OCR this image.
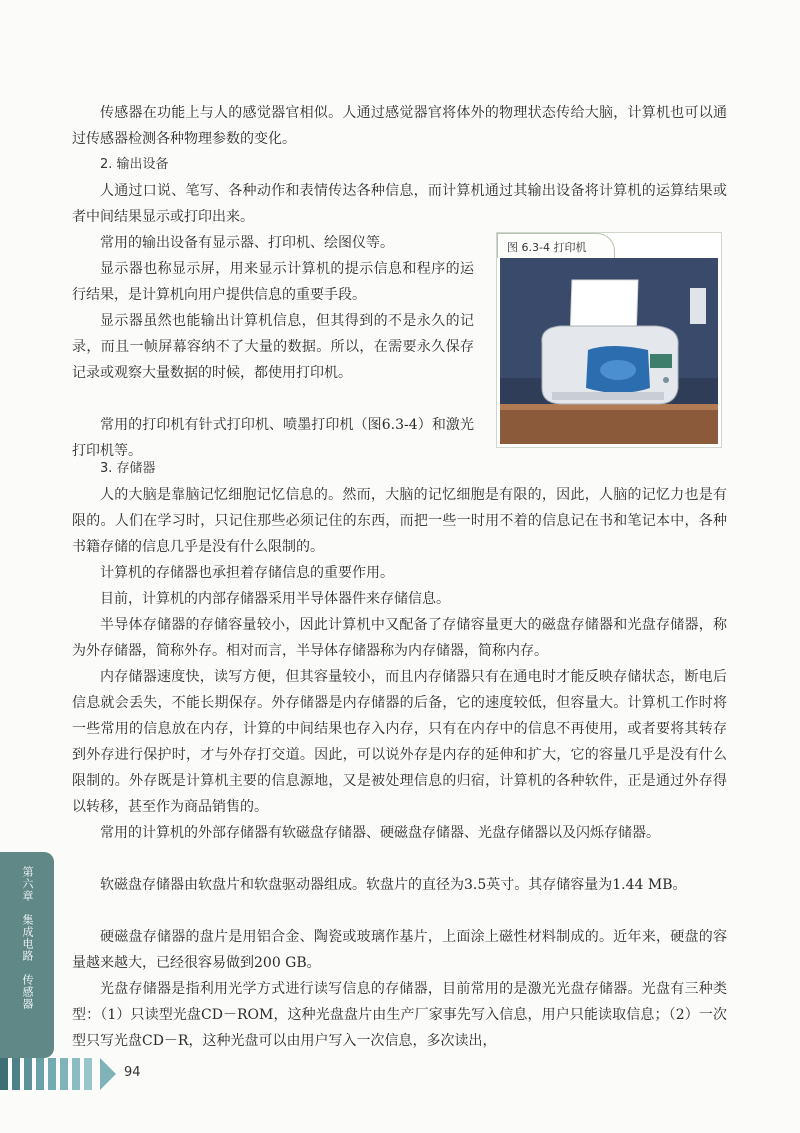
传感器在功能上与人的感觉器官相似。人通过感觉器官将体外的物理状态传给大脑，计算机也可以通过传感器检测各种物理参数的变化。

2. 输出设备

人通过口说、笔写、各种动作和表情传达各种信息，而计算机通过其输出设备将计算机的运算结果或者中间结果显示或打印出来。

常用的输出设备有显示器、打印机、绘图仪等。

显示器也称显示屏，用来显示计算机的提示信息和程序的运行结果，是计算机向用户提供信息的重要手段。

显示器虽然也能输出计算机信息，但其得到的不是永久的记录，而且一帧屏幕容纳不了大量的数据。所以，在需要永久保存记录或观察大量数据的时候，都使用打印机。

常用的打印机有针式打印机、喷墨打印机（图6.3-4）和激光打印机等。

图 6.3-4 打印机

3. 存储器

人的大脑是靠脑记忆细胞记忆信息的。然而，大脑的记忆细胞是有限的，因此，人脑的记忆力也是有限的。人们在学习时，只记住那些必须记住的东西，而把一些一时用不着的信息记在书和笔记本中，各种书籍存储的信息几乎是没有什么限制的。

计算机的存储器也承担着存储信息的重要作用。

目前，计算机的内部存储器采用半导体器件来存储信息。

半导体存储器的存储容量较小，因此计算机中又配备了存储容量更大的磁盘存储器和光盘存储器，称为外存储器，简称外存。相对而言，半导体存储器称为内存储器，简称内存。

内存储器速度快，读写方便，但其容量较小，而且内存储器只有在通电时才能反映存储状态，断电后信息就会丢失，不能长期保存。外存储器是内存储器的后备，它的速度较低，但容量大。计算机工作时将一些常用的信息放在内存，计算的中间结果也存入内存，只有在内存中的信息不再使用，或者要将其转存到外存进行保护时，才与外存打交道。因此，可以说外存是内存的延伸和扩大，它的容量几乎是没有什么限制的。外存既是计算机主要的信息源地，又是被处理信息的归宿，计算机的各种软件，正是通过外存得以转移，甚至作为商品销售的。

常用的计算机的外部存储器有软磁盘存储器、硬磁盘存储器、光盘存储器以及闪烁存储器。

软磁盘存储器由软盘片和软盘驱动器组成。软盘片的直径为3.5英寸。其存储容量为1.44 MB。

硬磁盘存储器的盘片是用铝合金、陶瓷或玻璃作基片，上面涂上磁性材料制成的。近年来，硬盘的容量越来越大，已经很容易做到200 GB。

光盘存储器是指利用光学方式进行读写信息的存储器，目前常用的是激光光盘存储器。光盘有三种类型：（1）只读型光盘CD－ROM，这种光盘盘片由生产厂家事先写入信息，用户只能读取信息；（2）一次型只写光盘CD－R，这种光盘可以由用户写入一次信息，多次读出，

第六章　集成电路　传感器
94
